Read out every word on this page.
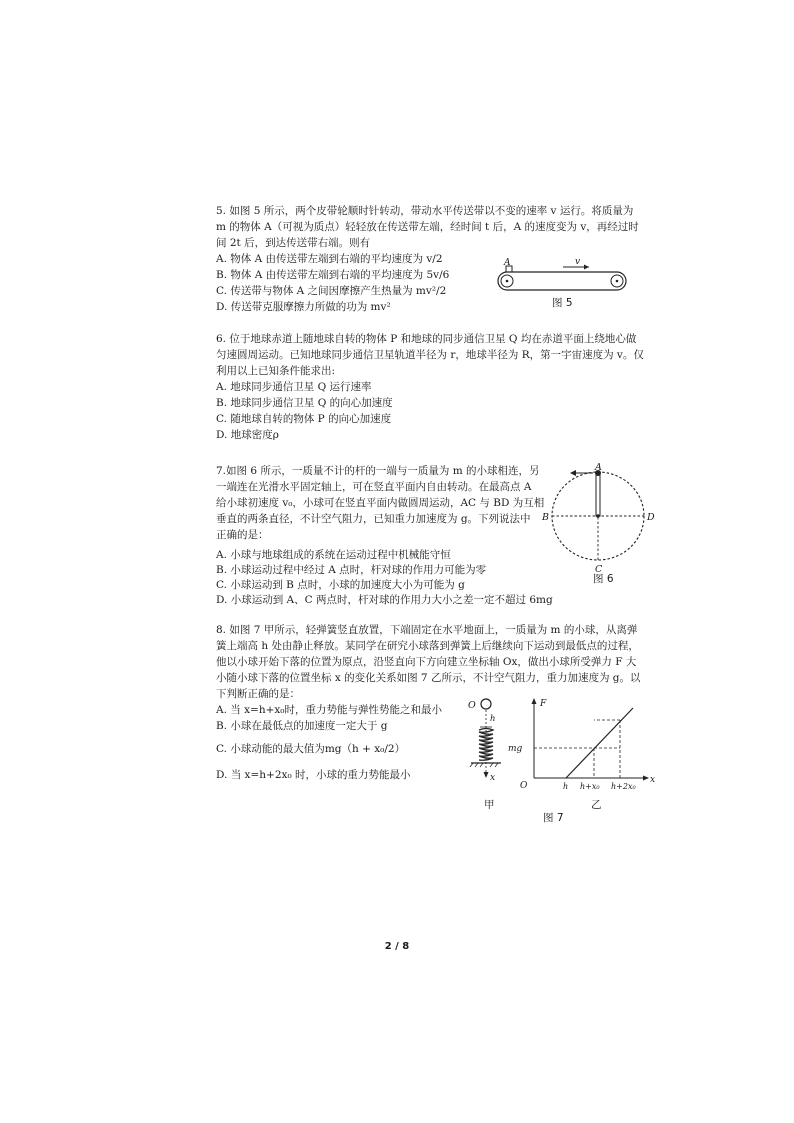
5. 如图 5 所示，两个皮带轮顺时针转动，带动水平传送带以不变的速率 v 运行。将质量为

m 的物体 A（可视为质点）轻轻放在传送带左端，经时间 t 后，A 的速度变为 v，再经过时

间 2t 后，到达传送带右端。则有

A. 物体 A 由传送带左端到右端的平均速度为 v/2

B. 物体 A 由传送带左端到右端的平均速度为 5v/6

C. 传送带与物体 A 之间因摩擦产生热量为 mv²/2

D. 传送带克服摩擦力所做的功为 mv²

A	v
图 5

6. 位于地球赤道上随地球自转的物体 P 和地球的同步通信卫星 Q 均在赤道平面上绕地心做

匀速圆周运动。已知地球同步通信卫星轨道半径为 r，地球半径为 R，第一宇宙速度为 v。仅

利用以上已知条件能求出:

A. 地球同步通信卫星 Q 运行速率

B. 地球同步通信卫星 Q 的向心加速度

C. 随地球自转的物体 P 的向心加速度

D. 地球密度ρ

7.如图 6 所示，一质量不计的杆的一端与一质量为 m 的小球相连，另

一端连在光滑水平固定轴上，可在竖直平面内自由转动。在最高点 A

给小球初速度 v₀，小球可在竖直平面内做圆周运动，AC 与 BD 为互相

垂直的两条直径，不计空气阻力，已知重力加速度为 g。下列说法中

正确的是：

A. 小球与地球组成的系统在运动过程中机械能守恒

B. 小球运动过程中经过 A 点时，杆对球的作用力可能为零

C. 小球运动到 B 点时，小球的加速度大小为可能为 g

D. 小球运动到 A、C 两点时，杆对球的作用力大小之差一定不超过 6mg

A
B
C
D
图 6

8. 如图 7 甲所示，轻弹簧竖直放置，下端固定在水平地面上，一质量为 m 的小球，从离弹

簧上端高 h 处由静止释放。某同学在研究小球落到弹簧上后继续向下运动到最低点的过程，

他以小球开始下落的位置为原点，沿竖直向下方向建立坐标轴 Ox，做出小球所受弹力 F 大

小随小球下落的位置坐标 x 的变化关系如图 7 乙所示，不计空气阻力，重力加速度为 g。以

下判断正确的是：

A. 当 x=h+x₀时，重力势能与弹性势能之和最小

B. 小球在最低点的加速度一定大于 g

C. 小球动能的最大值为mg（h + x₀/2）

D. 当 x=h+2x₀ 时，小球的重力势能最小

O
h
x
甲
F
O
x
mg
h h+x₀ h+2x₀
乙
图 7
2 / 8
